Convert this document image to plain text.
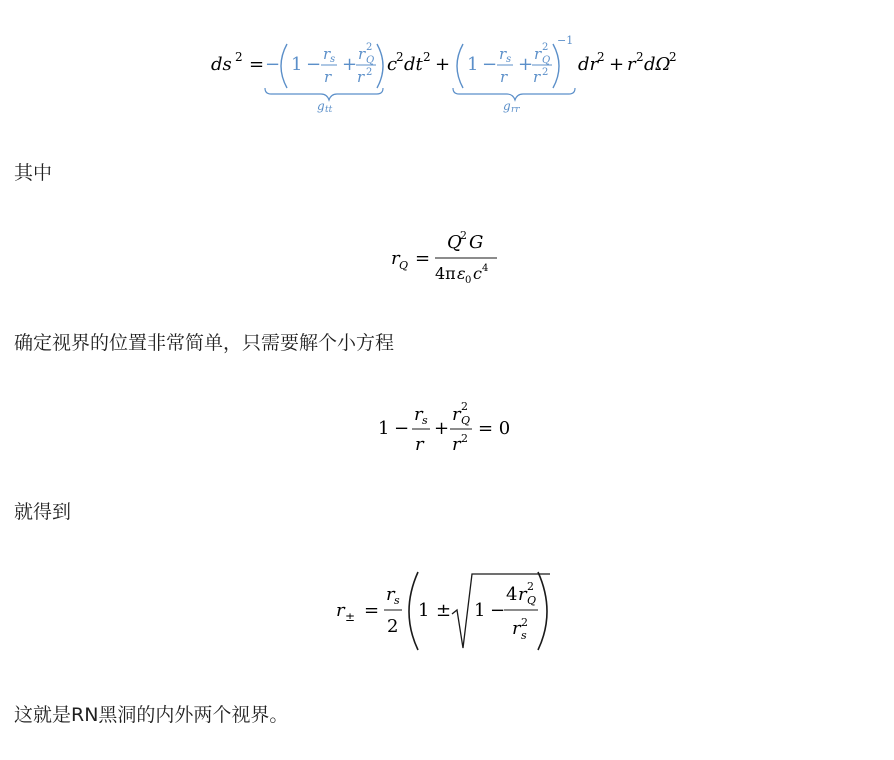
ds 2 = − 1 − r s
r
+ r 2
Q
r 2
g tt
c
2 dt 2 + 1 − r s
r
+ r 2
Q
r 2
−1
g rr
dr
2 + r 2 dΩ
2
其中
r Q =
Q
2 G
4π ε 0 c 4
确定视界的位置非常简单，只需要解个小方程
1 −
r s
r
+
r 2
Q
r 2 = 0
就得到
r ± =
r s
2
1 ± 1 −
4 r 2
Q
r 2
s
这就是RN黑洞的内外两个视界。
